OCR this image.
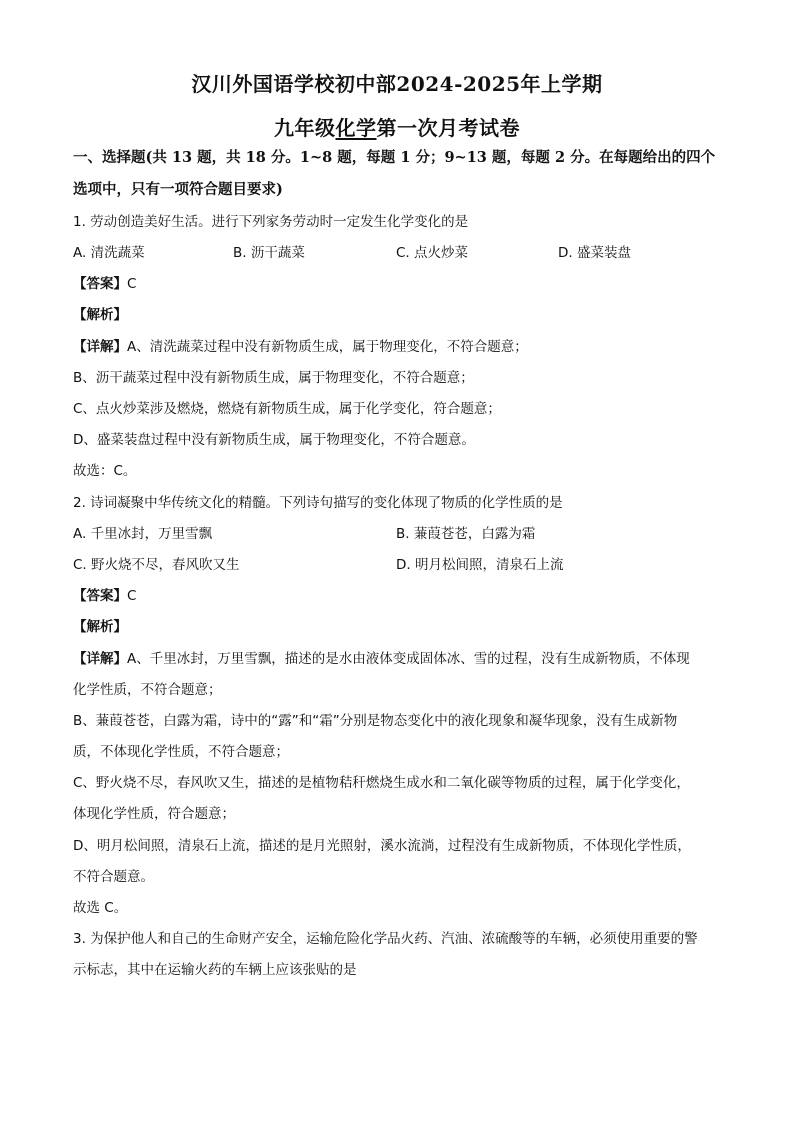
汉川外国语学校初中部2024-2025年上学期
九年级化学第一次月考试卷
一、选择题(共 13 题，共 18 分。1~8 题，每题 1 分；9~13 题，每题 2 分。在每题给出的四个
选项中，只有一项符合题目要求)
1. 劳动创造美好生活。进行下列家务劳动时一定发生化学变化的是
A. 清洗蔬菜	B. 沥干蔬菜	C. 点火炒菜	D. 盛菜装盘
【答案】C
【解析】
【详解】A、清洗蔬菜过程中没有新物质生成，属于物理变化，不符合题意；
B、沥干蔬菜过程中没有新物质生成，属于物理变化，不符合题意；
C、点火炒菜涉及燃烧，燃烧有新物质生成，属于化学变化，符合题意；
D、盛菜装盘过程中没有新物质生成，属于物理变化，不符合题意。
故选：C。
2. 诗词凝聚中华传统文化的精髓。下列诗句描写的变化体现了物质的化学性质的是
A. 千里冰封，万里雪飘	B. 蒹葭苍苍，白露为霜
C. 野火烧不尽，春风吹又生	D. 明月松间照，清泉石上流
【答案】C
【解析】
【详解】A、千里冰封，万里雪飘，描述的是水由液体变成固体冰、雪的过程，没有生成新物质，不体现
化学性质，不符合题意；
B、蒹葭苍苍，白露为霜，诗中的“露”和“霜”分别是物态变化中的液化现象和凝华现象，没有生成新物
质，不体现化学性质，不符合题意；
C、野火烧不尽，春风吹又生，描述的是植物秸秆燃烧生成水和二氧化碳等物质的过程，属于化学变化，
体现化学性质，符合题意；
D、明月松间照，清泉石上流，描述的是月光照射，溪水流淌，过程没有生成新物质，不体现化学性质，
不符合题意。
故选 C。
3. 为保护他人和自己的生命财产安全，运输危险化学品火药、汽油、浓硫酸等的车辆，必须使用重要的警
示标志，其中在运输火药的车辆上应该张贴的是
